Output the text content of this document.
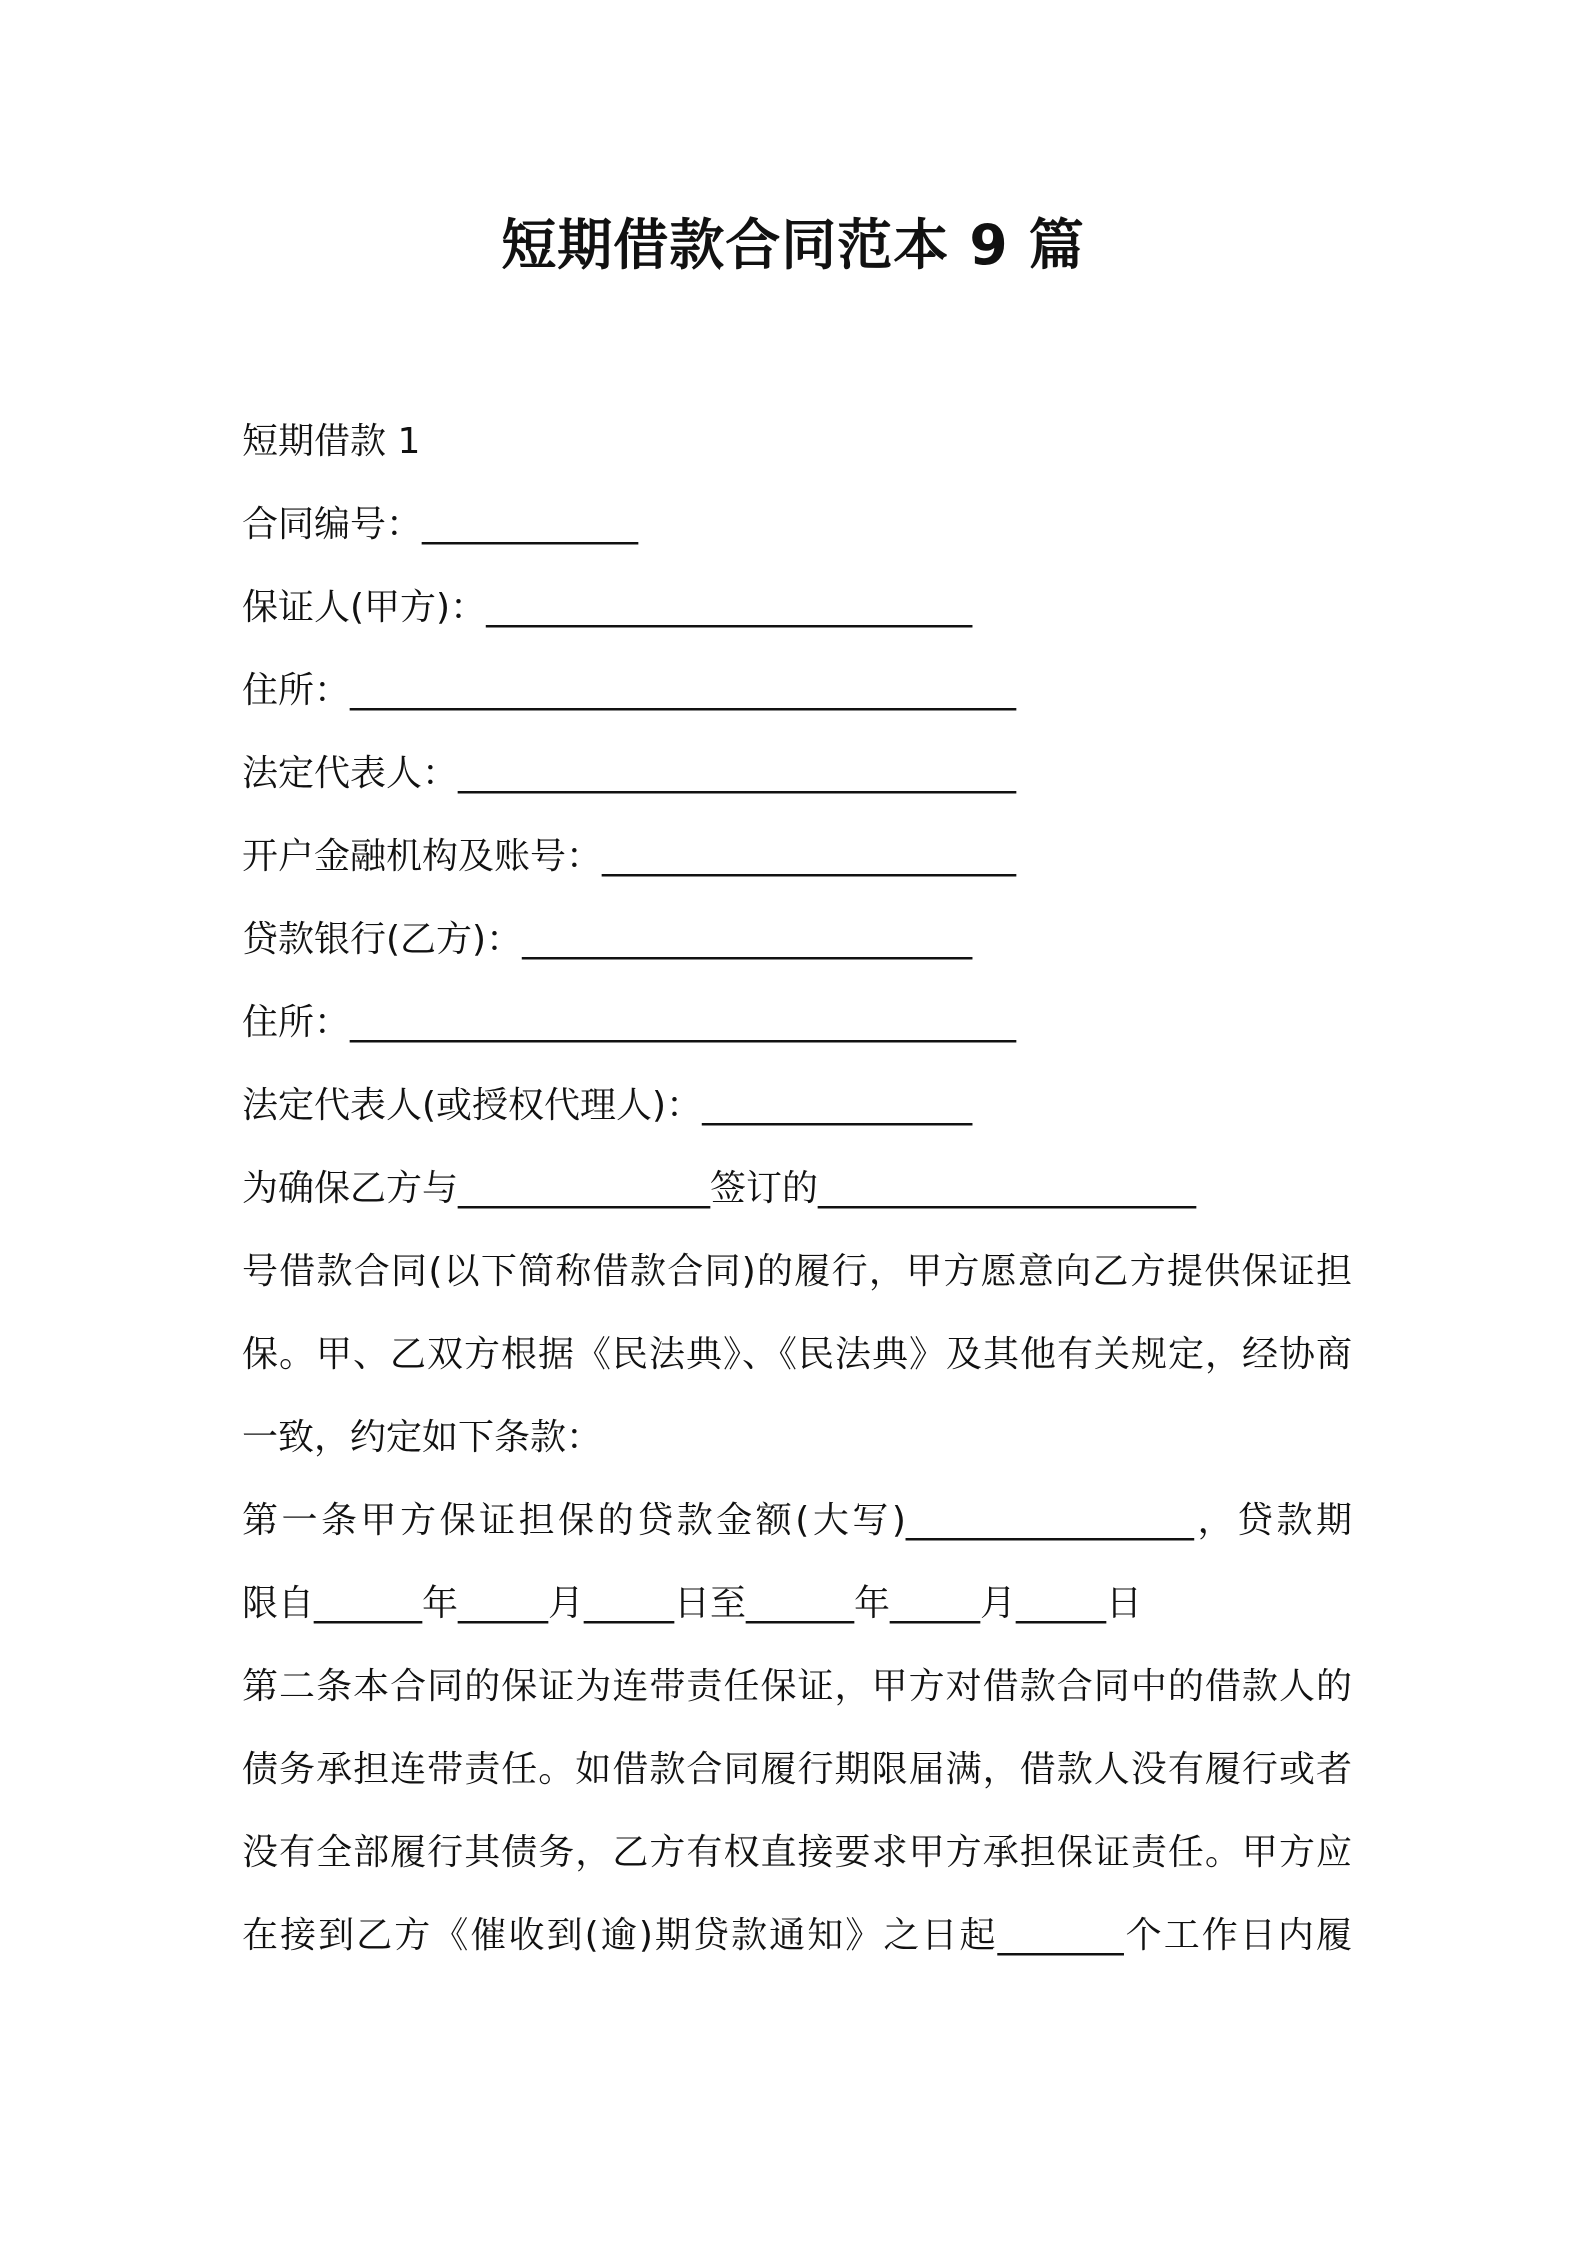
短期借款合同范本 9 篇

短期借款 1

合同编号：____________

保证人(甲方)：___________________________

住所：_____________________________________

法定代表人：_______________________________

开户金融机构及账号：_______________________

贷款银行(乙方)：_________________________

住所：_____________________________________

法定代表人(或授权代理人)：_______________

为确保乙方与______________签订的_____________________

号借款合同(以下简称借款合同)的履行，甲方愿意向乙方提供保证担

保。甲、乙双方根据《民法典》、《民法典》及其他有关规定，经协商

一致，约定如下条款：

第一条甲方保证担保的贷款金额(大写)________________，贷款期

限自______年_____月_____日至______年_____月_____日

第二条本合同的保证为连带责任保证，甲方对借款合同中的借款人的

债务承担连带责任。如借款合同履行期限届满，借款人没有履行或者

没有全部履行其债务，乙方有权直接要求甲方承担保证责任。甲方应

在接到乙方《催收到(逾)期贷款通知》之日起_______个工作日内履
